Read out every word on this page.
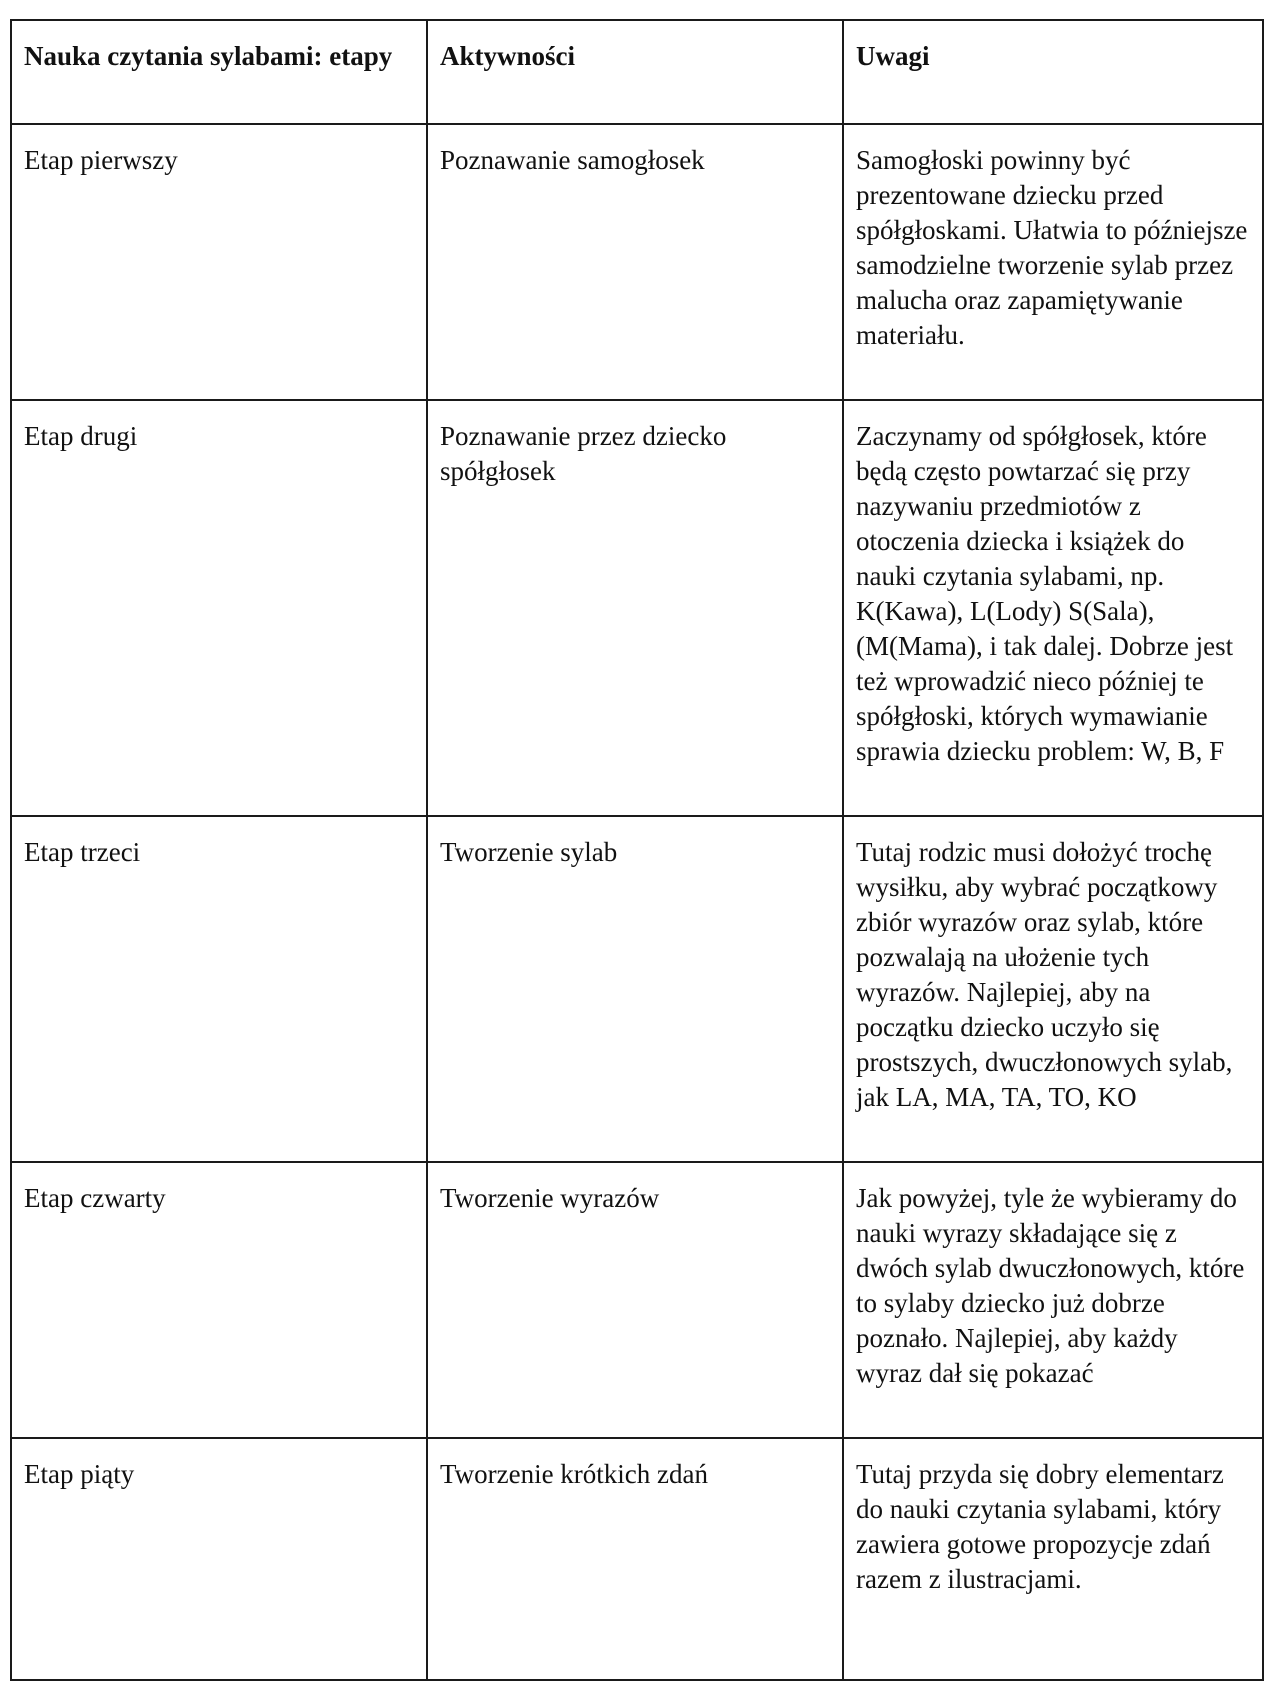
Nauka czytania sylabami: etapy	Aktywności	Uwagi
Etap pierwszy	Poznawanie samogłosek	Samogłoski powinny być prezentowane dziecku przed spółgłoskami. Ułatwia to późniejsze samodzielne tworzenie sylab przez malucha oraz zapamiętywanie materiału.
Etap drugi	Poznawanie przez dziecko spółgłosek	Zaczynamy od spółgłosek, które będą często powtarzać się przy nazywaniu przedmiotów z otoczenia dziecka i książek do nauki czytania sylabami, np. K(Kawa), L(Lody) S(Sala),(M(Mama), i tak dalej. Dobrze jest też wprowadzić nieco później te spółgłoski, których wymawianie sprawia dziecku problem: W, B, F
Etap trzeci	Tworzenie sylab	Tutaj rodzic musi dołożyć trochę wysiłku, aby wybrać początkowy zbiór wyrazów oraz sylab, które pozwalają na ułożenie tych wyrazów. Najlepiej, aby na początku dziecko uczyło się prostszych, dwuczłonowych sylab, jak LA, MA, TA, TO, KO
Etap czwarty	Tworzenie wyrazów	Jak powyżej, tyle że wybieramy do nauki wyrazy składające się z dwóch sylab dwuczłonowych, które to sylaby dziecko już dobrze poznało. Najlepiej, aby każdy wyraz dał się pokazać
Etap piąty	Tworzenie krótkich zdań	Tutaj przyda się dobry elementarz do nauki czytania sylabami, który zawiera gotowe propozycje zdań razem z ilustracjami.
